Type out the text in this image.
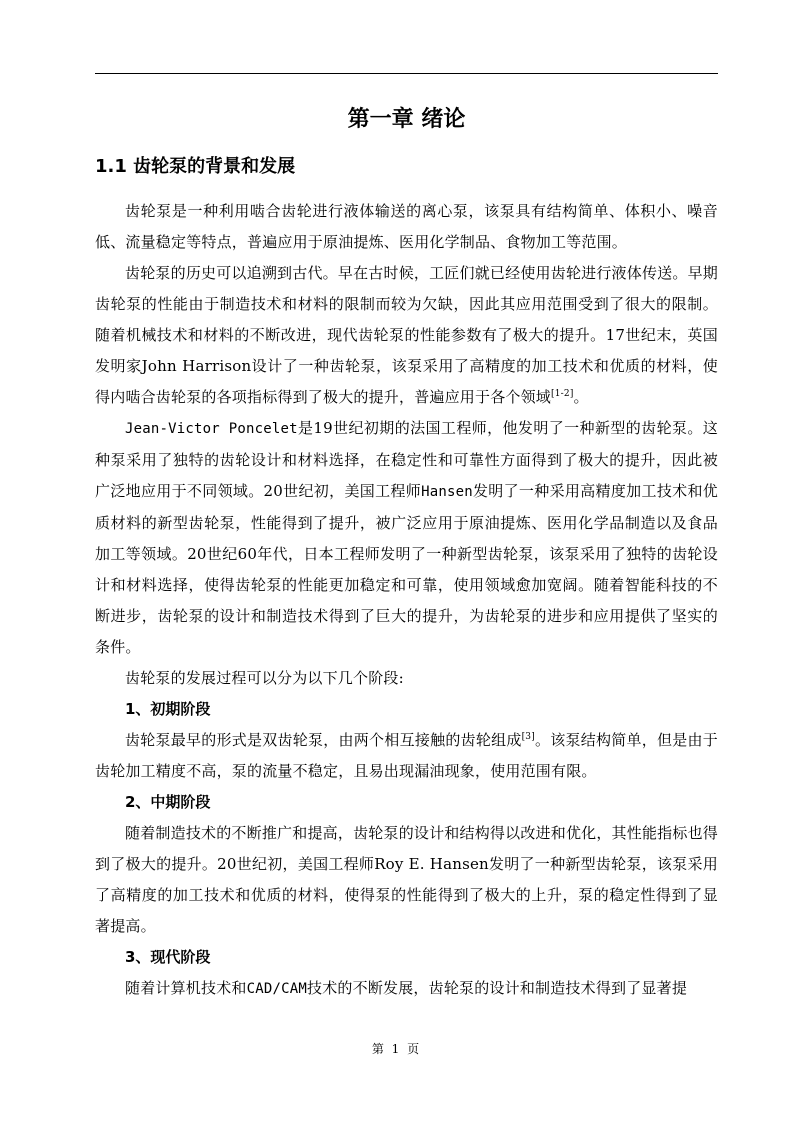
第一章 绪论
1.1 齿轮泵的背景和发展

齿轮泵是一种利用啮合齿轮进行液体输送的离心泵，该泵具有结构简单、体积小、噪音低、流量稳定等特点，普遍应用于原油提炼、医用化学制品、食物加工等范围。

齿轮泵的历史可以追溯到古代。早在古时候，工匠们就已经使用齿轮进行液体传送。早期齿轮泵的性能由于制造技术和材料的限制而较为欠缺，因此其应用范围受到了很大的限制。随着机械技术和材料的不断改进，现代齿轮泵的性能参数有了极大的提升。17世纪末，英国发明家John Harrison设计了一种齿轮泵，该泵采用了高精度的加工技术和优质的材料，使得内啮合齿轮泵的各项指标得到了极大的提升，普遍应用于各个领域[1-2]。

Jean-Victor Poncelet是19世纪初期的法国工程师，他发明了一种新型的齿轮泵。这种泵采用了独特的齿轮设计和材料选择，在稳定性和可靠性方面得到了极大的提升，因此被广泛地应用于不同领域。20世纪初，美国工程师Hansen发明了一种采用高精度加工技术和优质材料的新型齿轮泵，性能得到了提升，被广泛应用于原油提炼、医用化学品制造以及食品加工等领域。20世纪60年代，日本工程师发明了一种新型齿轮泵，该泵采用了独特的齿轮设计和材料选择，使得齿轮泵的性能更加稳定和可靠，使用领域愈加宽阔。随着智能科技的不断进步，齿轮泵的设计和制造技术得到了巨大的提升，为齿轮泵的进步和应用提供了坚实的条件。

齿轮泵的发展过程可以分为以下几个阶段:

1、初期阶段

齿轮泵最早的形式是双齿轮泵，由两个相互接触的齿轮组成[3]。该泵结构简单，但是由于齿轮加工精度不高，泵的流量不稳定，且易出现漏油现象，使用范围有限。

2、中期阶段

随着制造技术的不断推广和提高，齿轮泵的设计和结构得以改进和优化，其性能指标也得到了极大的提升。20世纪初，美国工程师Roy E. Hansen发明了一种新型齿轮泵，该泵采用了高精度的加工技术和优质的材料，使得泵的性能得到了极大的上升，泵的稳定性得到了显著提高。

3、现代阶段

随着计算机技术和CAD/CAM技术的不断发展，齿轮泵的设计和制造技术得到了显著提

第 1 页
